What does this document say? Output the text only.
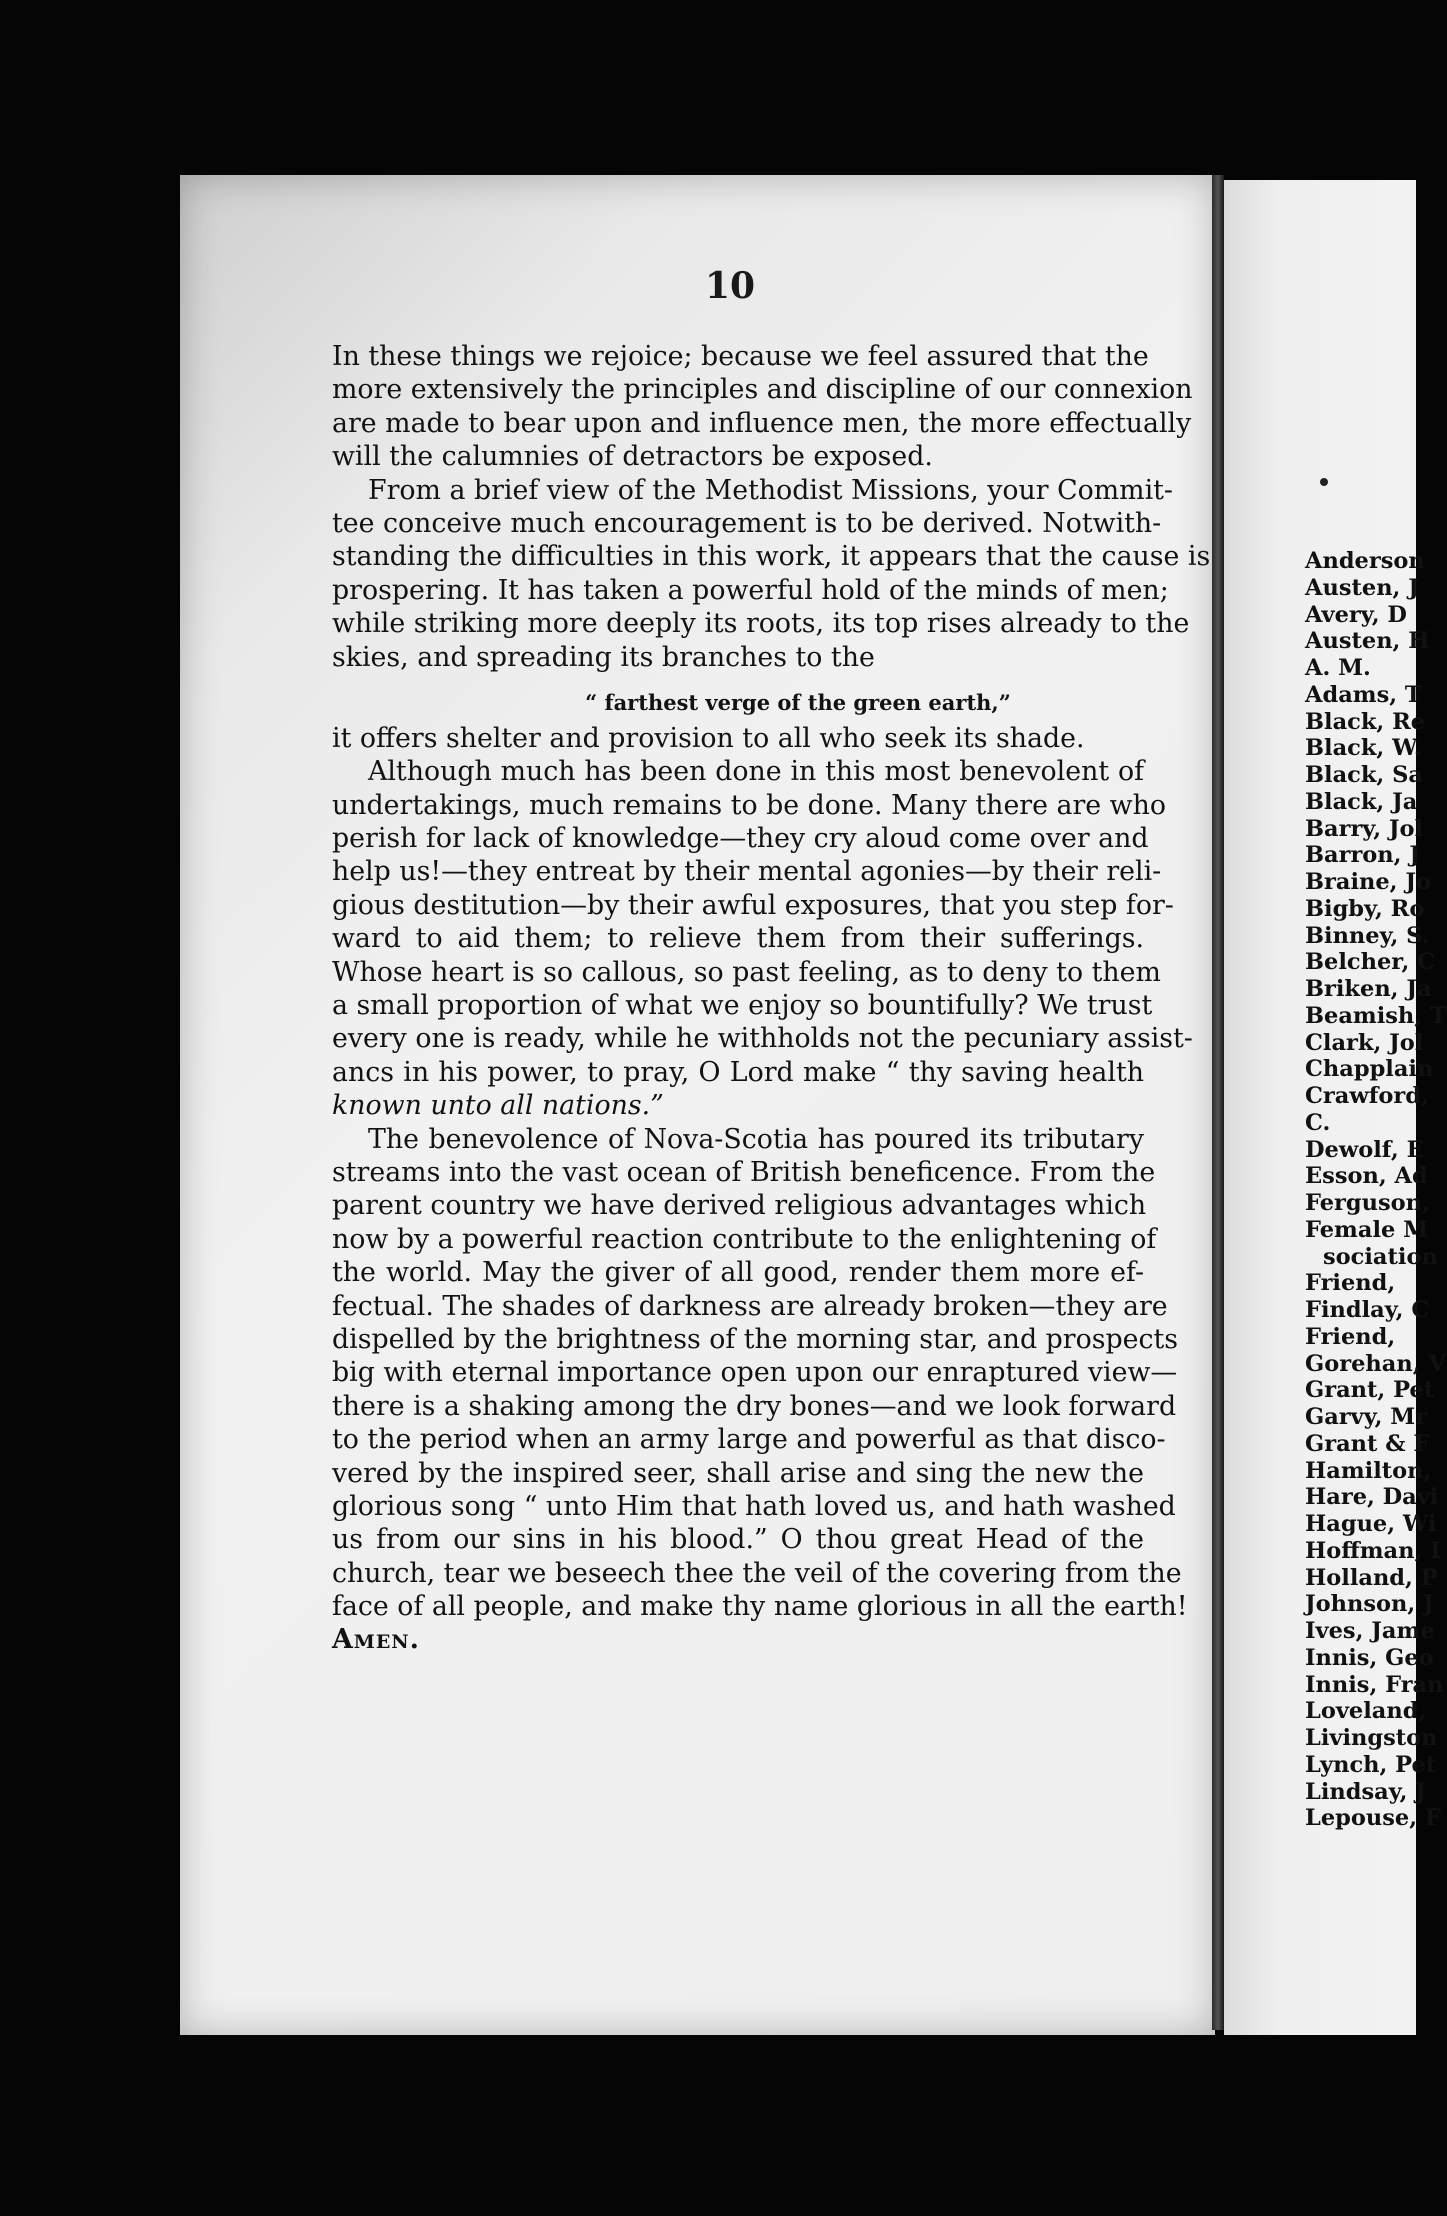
10
In these things we rejoice; because we feel assured that the
more extensively the principles and discipline of our connexion
are made to bear upon and influence men, the more effectually
will the calumnies of detractors be exposed.
From a brief view of the Methodist Missions, your Commit-
tee conceive much encouragement is to be derived. Notwith-
standing the difficulties in this work, it appears that the cause is
prospering. It has taken a powerful hold of the minds of men;
while striking more deeply its roots, its top rises already to the
skies, and spreading its branches to the
“ farthest verge of the green earth,”
it offers shelter and provision to all who seek its shade.
Although much has been done in this most benevolent of
undertakings, much remains to be done. Many there are who
perish for lack of knowledge—they cry aloud come over and
help us!—they entreat by their mental agonies—by their reli-
gious destitution—by their awful exposures, that you step for-
ward to aid them; to relieve them from their sufferings.
Whose heart is so callous, so past feeling, as to deny to them
a small proportion of what we enjoy so bountifully? We trust
every one is ready, while he withholds not the pecuniary assist-
ancs in his power, to pray, O Lord make “ thy saving health
known unto all nations.”
The benevolence of Nova-Scotia has poured its tributary
streams into the vast ocean of British beneficence. From the
parent country we have derived religious advantages which
now by a powerful reaction contribute to the enlightening of
the world. May the giver of all good, render them more ef-
fectual. The shades of darkness are already broken—they are
dispelled by the brightness of the morning star, and prospects
big with eternal importance open upon our enraptured view—
there is a shaking among the dry bones—and we look forward
to the period when an army large and powerful as that disco-
vered by the inspired seer, shall arise and sing the new the
glorious song “ unto Him that hath loved us, and hath washed
us from our sins in his blood.” O thou great Head of the
church, tear we beseech thee the veil of the covering from the
face of all people, and make thy name glorious in all the earth!
Amen.
Anderson
Austen, J
Avery, D
Austen, H
A. M.
Adams, T
Black, Re
Black, W.
Black, Sa
Black, Ja
Barry, Jol
Barron, J
Braine, Jo
Bigby, Ro
Binney, S.
Belcher, C
Briken, Ja
Beamish, T
Clark, Jol
Chapplain
Crawford,
C.
Dewolf, E
Esson, Ad
Ferguson,
Female M
sociation
Friend,
Findlay, C
Friend,
Gorehan, V
Grant, Pet
Garvy, Mr
Grant & F
Hamilton,
Hare, Davi
Hague, Wi
Hoffman, I
Holland, P
Johnson, J
Ives, Jame
Innis, Geo
Innis, Fran
Loveland,
Livingston
Lynch, Pet
Lindsay, J
Lepouse, F
